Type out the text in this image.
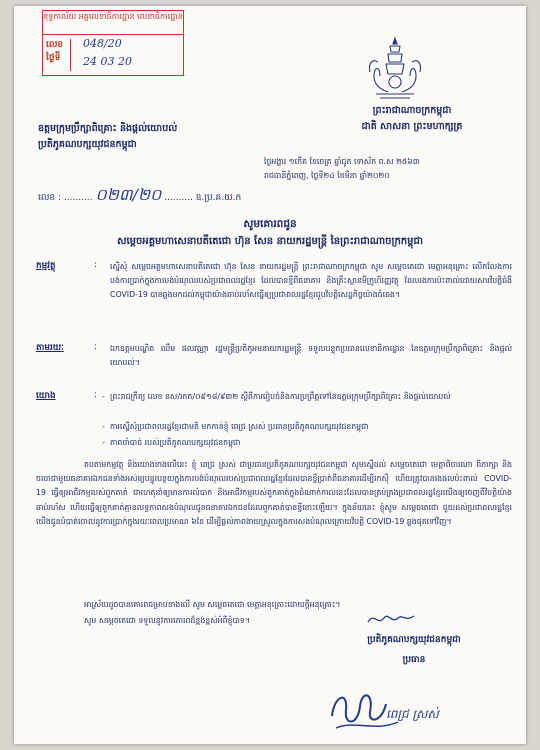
ខុទ្ទកាល័យ អគ្គលេខាធិការដ្ឋាន លេខាធិការដ្ឋាន
លេខ
ថ្ងៃទី
048/20
24 03 20
ព្រះរាជាណាចក្រកម្ពុជា
ជាតិ សាសនា ព្រះមហាក្សត្រ
ឧត្តមក្រុមប្រឹក្សាពិគ្រោះ និងផ្តល់យោបល់
ប្រតិភូគណបក្សយុវជនកម្ពុជា
ថ្ងៃអង្គារ ១កើត ខែចេត្រ ឆ្នាំជូត ទោស័ក ព.ស ២៥៦៣
រាជធានីភ្នំពេញ, ថ្ងៃទី២៤ ខែមីនា ឆ្នាំ២០២០
លេខ : .......... ០២៣/២០ .......... ឧ.ប្រ.គ.យ.ក
សូមគោរពជូន
សម្តេចអគ្គមហាសេនាបតីតេជោ ហ៊ុន សែន នាយករដ្ឋមន្ត្រី នៃព្រះរាជាណាចក្រកម្ពុជា
កម្មវត្ថុ	: ស្នើសុំ សម្តេចអគ្គមហាសេនាបតីតេជោ ហ៊ុន សែន នាយករដ្ឋមន្ត្រី ព្រះរាជាណាចក្រកម្ពុជា សូម សម្តេចតេជោ មេត្តាអនុគ្រោះ លើកលែងការបង់ការប្រាក់ក្នុងការបង់បំណុលរបស់ប្រជាពលរដ្ឋខ្មែរ ដែលបានខ្ចីពីធនាគារ និងគ្រឹះស្ថានមីក្រូហិរញ្ញវត្ថុ ដែលរងការប៉ះពាល់ដោយសារវិបត្តិជំងឺ COVID-19 បានឆ្លងមកដល់កម្ពុជាយ៉ាងឆាប់រហ័សធ្វើឲ្យប្រជាពលរដ្ឋខ្មែរជួបវិបត្តិសេដ្ឋកិច្ចយ៉ាងធំធេង។
តាមរយៈ	: ឯកឧត្តមបណ្ឌិត ឈឹម ផលវណ្ណា រដ្ឋមន្ត្រីប្រតិភូអមនាយករដ្ឋមន្ត្រី ទទួលបន្ទុកប្រធានលេខាធិការដ្ឋាន នៃឧត្តមក្រុមប្រឹក្សាពិគ្រោះ និងផ្តល់យោបល់។
យោង	:
- ព្រះរាជក្រឹត្យ លេខ នស/រកត/០៩១៨/៩៣២ ស្តីពីការរៀបចំនិងការប្រព្រឹត្តទៅនៃឧត្តមក្រុមប្រឹក្សាពិគ្រោះ និងផ្តល់យោបល់
- ការស្នើសុំប្រជាពលរដ្ឋខ្មែរជាមតិ មកកាន់ខ្ញុំ ពេជ្រ ស្រស់ ប្រធានប្រតិភូគណបក្សយុវជនកម្ពុជា
- ភាពចាំបាច់ របស់ប្រតិភូគណបក្សយុវជនកម្ពុជា
តបតាមកម្មវត្ថុ និងយោងខាងលើនេះ ខ្ញុំ ពេជ្រ ស្រស់ ជាប្រធានប្រតិភូគណបក្សយុវជនកម្ពុជា សូមស្នើដល់ សម្តេចតេជោ មេត្តាពិចារណា ពិភាក្សា និងចរចាជាមួយធនាគារឯកជនទាំងអស់ឲ្យបន្ធូរបន្ថយក្នុងការបង់បំណុលរបស់ប្រជាពលរដ្ឋខ្មែរដែលបានខ្ចីប្រាក់ពីធនាគារដើម្បីរកស៊ី ហើយត្រូវបានរងផលប៉ះពាល់ COVID-19 ធ្វើឲ្យអាជីវកម្មរបស់ពួកគាត់ ជាហេតុនាំឲ្យមានការលំបាក និងអាជីវកម្មរបស់ពួកគាត់ក្នុងដំណាក់កាលនេះដែលបានគ្រប់គ្រងប្រជាពលរដ្ឋខ្មែរយើងឲ្យចេញពីវិបត្តិយ៉ាងឆាប់រហ័ស ហើយធ្វើឲ្យពួកគាត់គ្មានលទ្ធភាពសងបំណុលជូនធនាគារឯកជនដែលពួកគាត់បានខ្ចីនោះឡើយ។ ក្នុងន័យនេះ ខ្ញុំសូម សម្តេចតេជោ ជួយដល់ប្រជាពលរដ្ឋខ្មែរយើងជូនបំបាត់ចោលនូវការប្រាក់ក្នុងរយៈពេលប្រមាណ ៦ខែ ដើម្បីផ្តល់ភាពងាយស្រួលក្នុងការសងបំណុលក្រោយវិបត្តិ COVID-19 ឆ្លងផុតទៅវិញ។
អាស្រ័យដូចបានគោរពជម្រាបខាងលើ សូម សម្តេចតេជោ មេត្តាអនុគ្រោះដោយក្តីអនុគ្រោះ។
សូម សម្តេចតេជោ ទទួលនូវការគោរពដ៏ខ្ពង់ខ្ពស់អំពីខ្ញុំបាទ។
ប្រតិភូគណបក្សយុវជនកម្ពុជា
ប្រធាន
ពេជ្រ ស្រស់
